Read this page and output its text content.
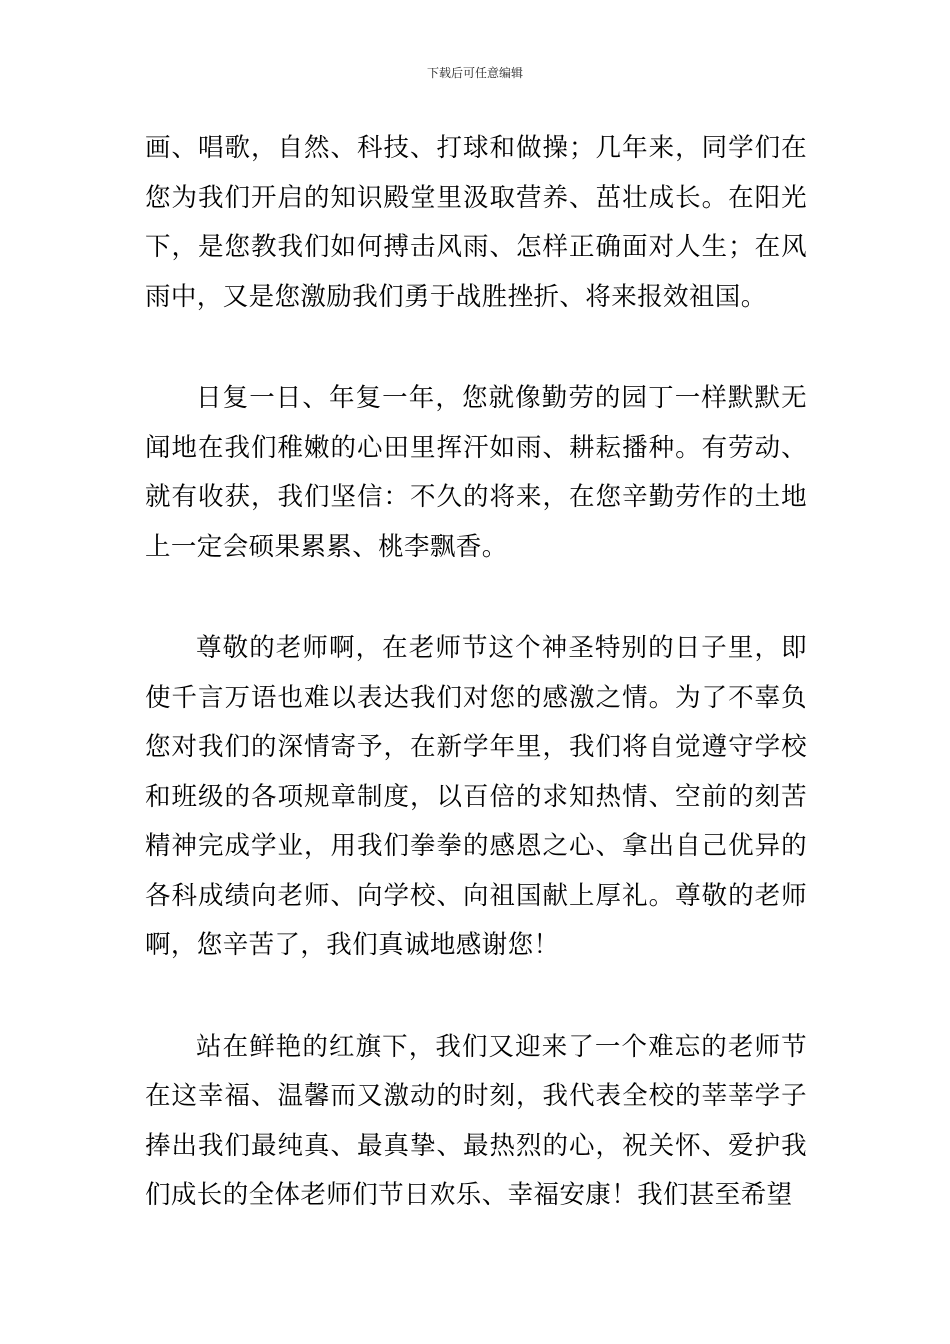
下载后可任意编辑

画、唱歌，自然、科技、打球和做操；几年来，同学们在您为我们开启的知识殿堂里汲取营养、茁壮成长。在阳光下，是您教我们如何搏击风雨、怎样正确面对人生；在风雨中，又是您激励我们勇于战胜挫折、将来报效祖国。

日复一日、年复一年，您就像勤劳的园丁一样默默无闻地在我们稚嫩的心田里挥汗如雨、耕耘播种。有劳动、就有收获，我们坚信：不久的将来，在您辛勤劳作的土地上一定会硕果累累、桃李飘香。

尊敬的老师啊，在老师节这个神圣特别的日子里，即使千言万语也难以表达我们对您的感激之情。为了不辜负您对我们的深情寄予，在新学年里，我们将自觉遵守学校和班级的各项规章制度，以百倍的求知热情、空前的刻苦精神完成学业，用我们拳拳的感恩之心、拿出自己优异的各科成绩向老师、向学校、向祖国献上厚礼。尊敬的老师啊，您辛苦了，我们真诚地感谢您！

站在鲜艳的红旗下，我们又迎来了一个难忘的老师节在这幸福、温馨而又激动的时刻，我代表全校的莘莘学子捧出我们最纯真、最真挚、最热烈的心，祝关怀、爱护我们成长的全体老师们节日欢乐、幸福安康！我们甚至希望
